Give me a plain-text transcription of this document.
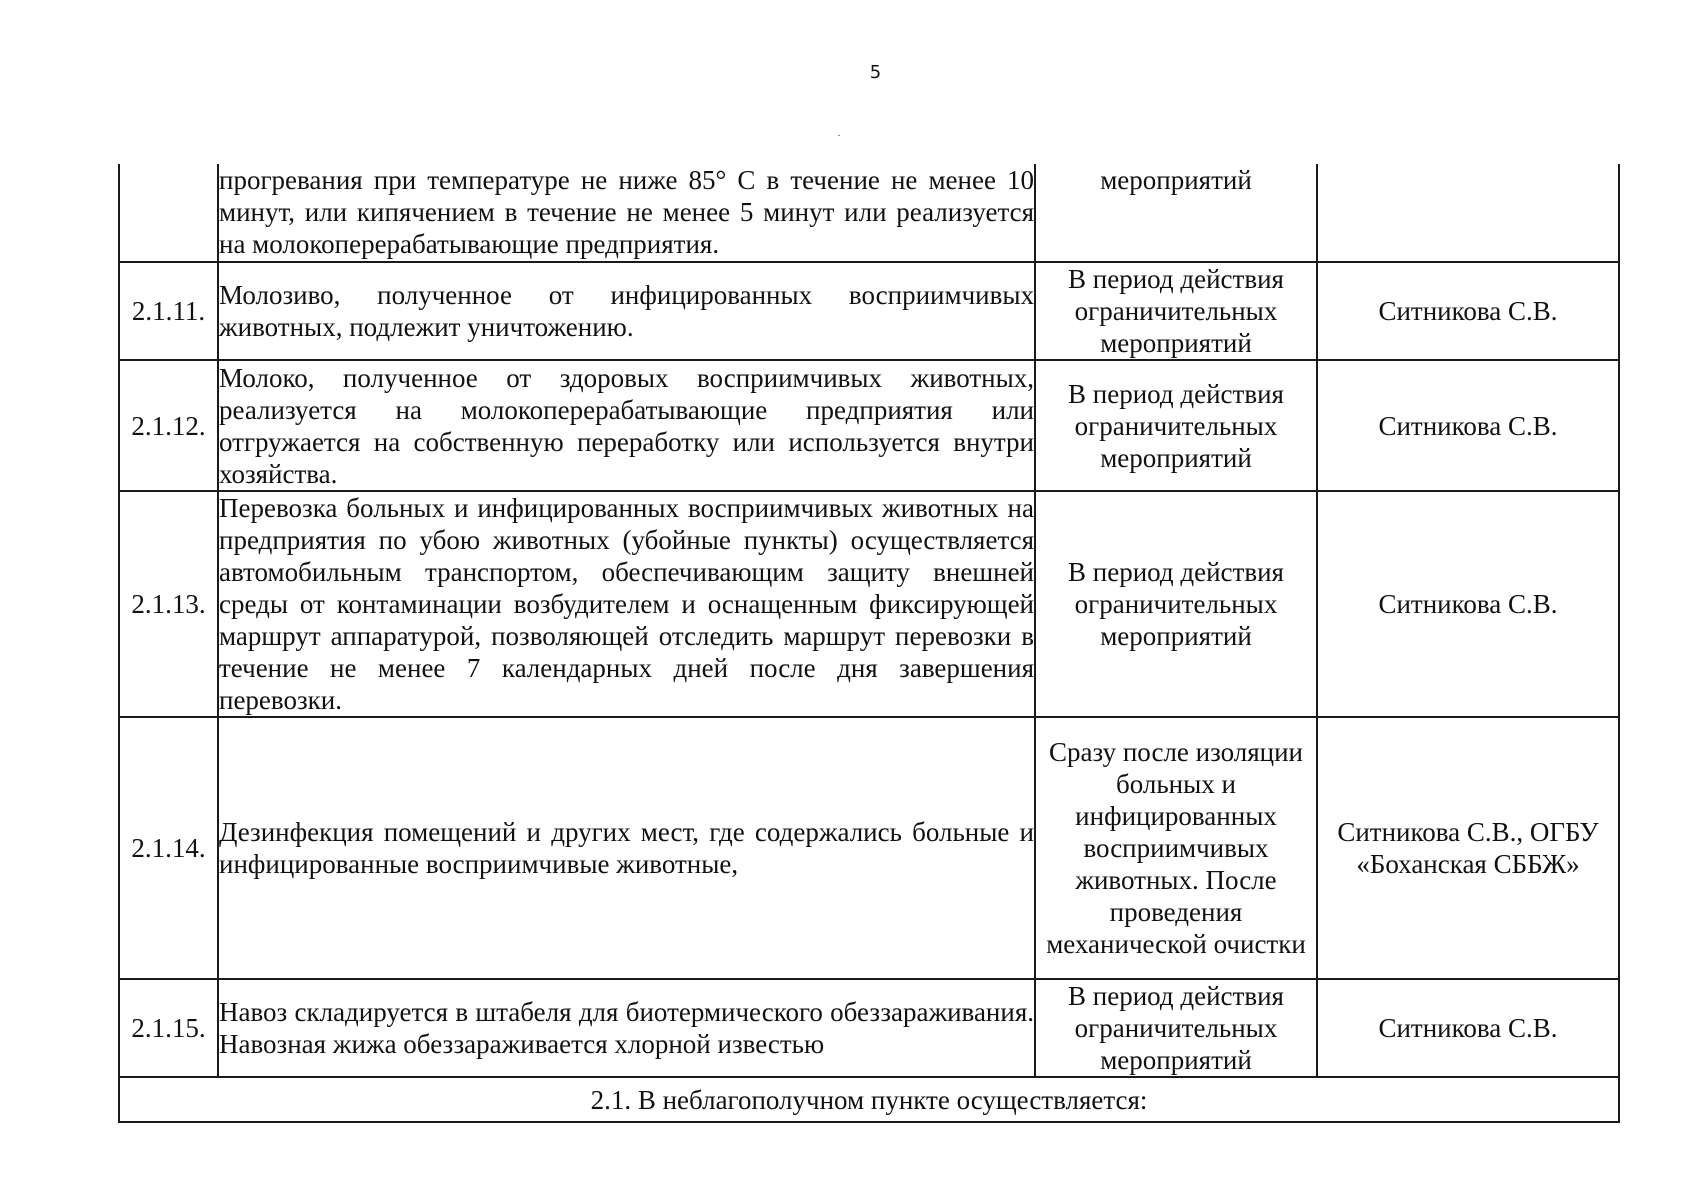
5
	прогревания при температуре не ниже 85° С в течение не менее 10 минут, или кипячением в течение не менее 5 минут или реализуется на молокоперерабатывающие предприятия.	мероприятий	
2.1.11.	Молозиво, полученное от инфицированных восприимчивых животных, подлежит уничтожению.	В период действия ограничительных мероприятий	Ситникова С.В.
2.1.12.	Молоко, полученное от здоровых восприимчивых животных, реализуется на молокоперерабатывающие предприятия или отгружается на собственную переработку или используется внутри хозяйства.	В период действия ограничительных мероприятий	Ситникова С.В.
2.1.13.	Перевозка больных и инфицированных восприимчивых животных на предприятия по убою животных (убойные пункты) осуществляется автомобильным транспортом, обеспечивающим защиту внешней среды от контаминации возбудителем и оснащенным фиксирующей маршрут аппаратурой, позволяющей отследить маршрут перевозки в течение не менее 7 календарных дней после дня завершения перевозки.	В период действия ограничительных мероприятий	Ситникова С.В.
2.1.14.	Дезинфекция помещений и других мест, где содержались больные и инфицированные восприимчивые животные,	Сразу после изоляции больных и инфицированных восприимчивых животных. После проведения механической очистки	Ситникова С.В., ОГБУ «Боханская СББЖ»
2.1.15.	Навоз складируется в штабеля для биотермического обеззараживания. Навозная жижа обеззараживается хлорной известью	В период действия ограничительных мероприятий	Ситникова С.В.
2.1. В неблагополучном пункте осуществляется:			
